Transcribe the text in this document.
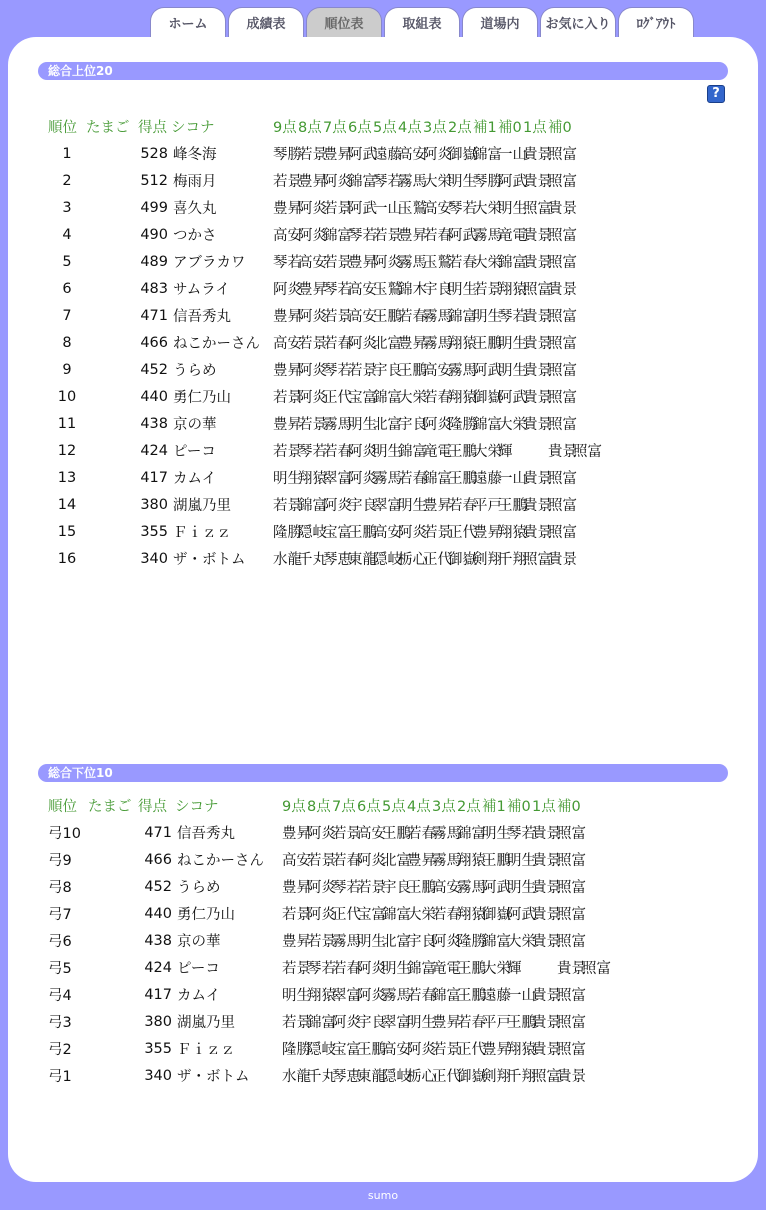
ホーム	成績表	順位表	取組表	道場内	お気に入り	ﾛｸﾞｱｳﾄ
総合上位20
?
順位	たまご	得点	シコナ	9点	8点	7点	6点	5点	4点	3点	2点	補1	補0	1点	補0	
1		528	峰冬海	琴勝	若景	豊昇	阿武	遠藤	高安	阿炎	御嶽	錦富	一山	貴景	照富	
2		512	梅雨月	若景	豊昇	阿炎	錦富	琴若	霧馬	大栄	明生	琴勝	阿武	貴景	照富	
3		499	喜久丸	豊昇	阿炎	若景	阿武	一山	玉鷲	高安	琴若	大栄	明生	照富	貴景	
4		490	つかさ	高安	阿炎	錦富	琴若	若景	豊昇	若春	阿武	霧馬	竜電	貴景	照富	
5		489	アブラカワ	琴若	高安	若景	豊昇	阿炎	霧馬	玉鷲	若春	大栄	錦富	貴景	照富	
6		483	サムライ	阿炎	豊昇	琴若	高安	玉鷲	錦木	宇良	明生	若景	翔猿	照富	貴景	
7		471	信吾秀丸	豊昇	阿炎	若景	高安	王鵬	若春	霧馬	錦富	明生	琴若	貴景	照富	
8		466	ねこかーさん	高安	若景	若春	阿炎	北富	豊昇	霧馬	翔猿	王鵬	明生	貴景	照富	
9		452	うらめ	豊昇	阿炎	琴若	若景	宇良	王鵬	高安	霧馬	阿武	明生	貴景	照富	
10		440	勇仁乃山	若景	阿炎	正代	宝富	錦富	大栄	若春	翔猿	御嶽	阿武	貴景	照富	
11		438	京の華	豊昇	若景	霧馬	明生	北富	宇良	阿炎	隆勝	錦富	大栄	貴景	照富	
12		424	ピーコ	若景	琴若	若春	阿炎	明生	錦富	竜電	王鵬	大栄	輝		貴景	照富
13		417	カムイ	明生	翔猿	翠富	阿炎	霧馬	若春	錦富	王鵬	遠藤	一山	貴景	照富	
14		380	湖嵐乃里	若景	錦富	阿炎	宇良	翠富	明生	豊昇	若春	平戸	王鵬	貴景	照富	
15		355	Ｆｉｚｚ	隆勝	隠岐	宝富	王鵬	高安	阿炎	若景	正代	豊昇	翔猿	貴景	照富	
16		340	ザ・ボトム	水龍	千丸	琴恵	東龍	隠岐	栃心	正代	御嶽	剣翔	千翔	照富	貴景	
総合下位10
順位	たまご	得点	シコナ	9点	8点	7点	6点	5点	4点	3点	2点	補1	補0	1点	補0	
弓10		471	信吾秀丸	豊昇	阿炎	若景	高安	王鵬	若春	霧馬	錦富	明生	琴若	貴景	照富	
弓9		466	ねこかーさん	高安	若景	若春	阿炎	北富	豊昇	霧馬	翔猿	王鵬	明生	貴景	照富	
弓8		452	うらめ	豊昇	阿炎	琴若	若景	宇良	王鵬	高安	霧馬	阿武	明生	貴景	照富	
弓7		440	勇仁乃山	若景	阿炎	正代	宝富	錦富	大栄	若春	翔猿	御嶽	阿武	貴景	照富	
弓6		438	京の華	豊昇	若景	霧馬	明生	北富	宇良	阿炎	隆勝	錦富	大栄	貴景	照富	
弓5		424	ピーコ	若景	琴若	若春	阿炎	明生	錦富	竜電	王鵬	大栄	輝		貴景	照富
弓4		417	カムイ	明生	翔猿	翠富	阿炎	霧馬	若春	錦富	王鵬	遠藤	一山	貴景	照富	
弓3		380	湖嵐乃里	若景	錦富	阿炎	宇良	翠富	明生	豊昇	若春	平戸	王鵬	貴景	照富	
弓2		355	Ｆｉｚｚ	隆勝	隠岐	宝富	王鵬	高安	阿炎	若景	正代	豊昇	翔猿	貴景	照富	
弓1		340	ザ・ボトム	水龍	千丸	琴恵	東龍	隠岐	栃心	正代	御嶽	剣翔	千翔	照富	貴景	
sumo
